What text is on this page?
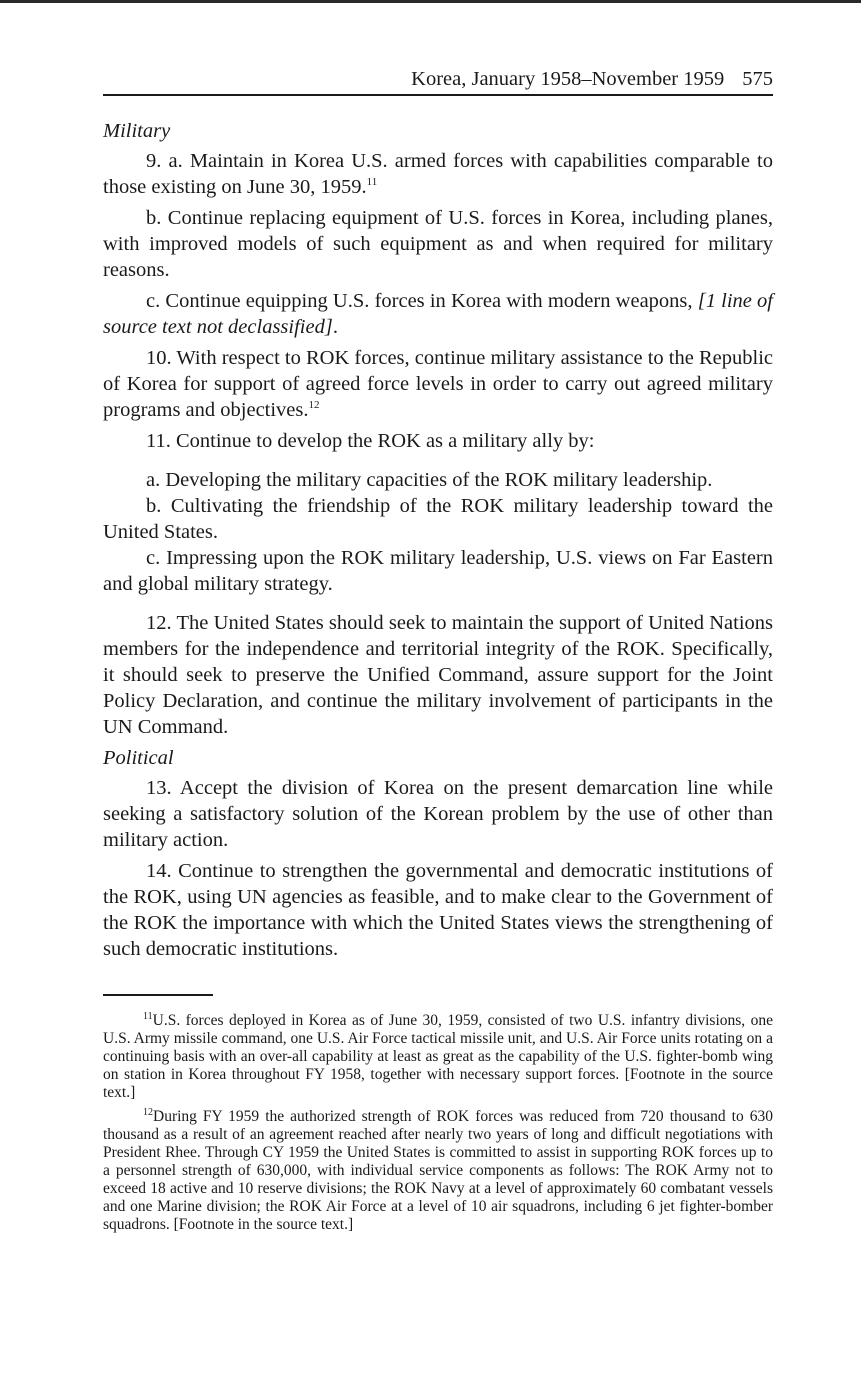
Korea, January 1958–November 1959 575

Military

9. a. Maintain in Korea U.S. armed forces with capabilities comparable to those existing on June 30, 1959.11

b. Continue replacing equipment of U.S. forces in Korea, including planes, with improved models of such equipment as and when required for military reasons.

c. Continue equipping U.S. forces in Korea with modern weapons, [1 line of source text not declassified].

10. With respect to ROK forces, continue military assistance to the Republic of Korea for support of agreed force levels in order to carry out agreed military programs and objectives.$^{12}$

11. Continue to develop the ROK as a military ally by:

a. Developing the military capacities of the ROK military leadership.

b. Cultivating the friendship of the ROK military leadership toward the United States.

c. Impressing upon the ROK military leadership, U.S. views on Far Eastern and global military strategy.

12. The United States should seek to maintain the support of United Nations members for the independence and territorial integrity of the ROK. Specifically, it should seek to preserve the Unified Command, assure support for the Joint Policy Declaration, and continue the military involvement of participants in the UN Command.

Political

13. Accept the division of Korea on the present demarcation line while seeking a satisfactory solution of the Korean problem by the use of other than military action.

14. Continue to strengthen the governmental and democratic institutions of the ROK, using UN agencies as feasible, and to make clear to the Government of the ROK the importance with which the United States views the strengthening of such democratic institutions.

$^{11}$U.S. forces deployed in Korea as of June 30, 1959, consisted of two U.S. infantry divisions, one U.S. Army missile command, one U.S. Air Force tactical missile unit, and U.S. Air Force units rotating on a continuing basis with an over-all capability at least as great as the capability of the U.S. fighter-bomb wing on station in Korea throughout FY 1958, together with necessary support forces. [Footnote in the source text.]

$^{12}$During FY 1959 the authorized strength of ROK forces was reduced from 720 thousand to 630 thousand as a result of an agreement reached after nearly two years of long and difficult negotiations with President Rhee. Through CY 1959 the United States is committed to assist in supporting ROK forces up to a personnel strength of 630,000, with individual service components as follows: The ROK Army not to exceed 18 active and 10 reserve divisions; the ROK Navy at a level of approximately 60 combatant vessels and one Marine division; the ROK Air Force at a level of 10 air squadrons, including 6 jet fighter-bomber squadrons. [Footnote in the source text.]
